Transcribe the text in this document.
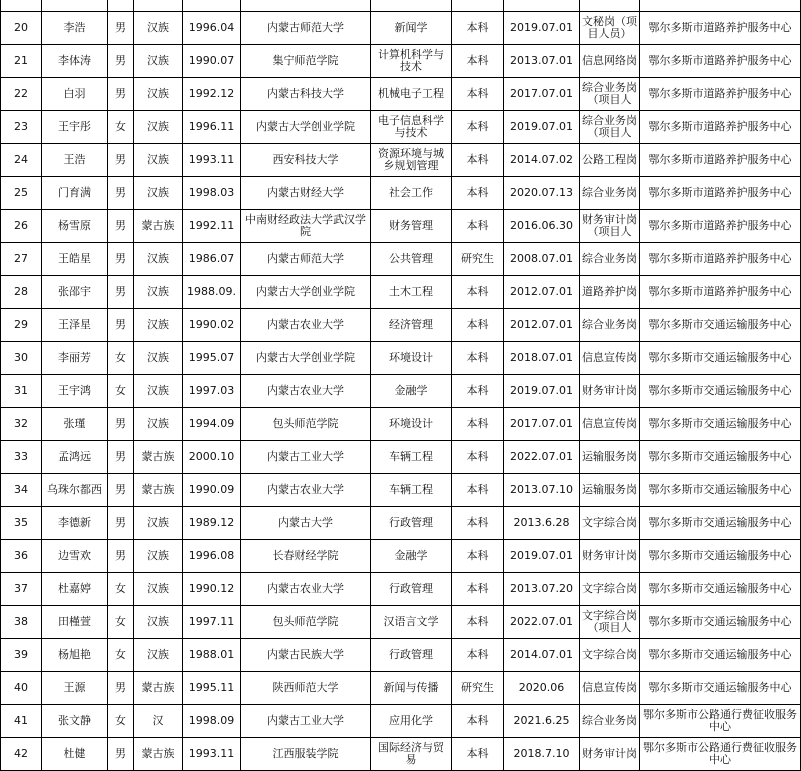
20	李浩	男	汉族	1996.04	内蒙古师范大学	新闻学	本科	2019.07.01	文秘岗（项目人员）	鄂尔多斯市道路养护服务中心
21	李体涛	男	汉族	1990.07	集宁师范学院	计算机科学与技术	本科	2013.07.01	信息网络岗	鄂尔多斯市道路养护服务中心
22	白羽	男	汉族	1992.12	内蒙古科技大学	机械电子工程	本科	2017.07.01	综合业务岗（项目人	鄂尔多斯市道路养护服务中心
23	王宇彤	女	汉族	1996.11	内蒙古大学创业学院	电子信息科学与技术	本科	2019.07.01	综合业务岗（项目人	鄂尔多斯市道路养护服务中心
24	王浩	男	汉族	1993.11	西安科技大学	资源环境与城乡规划管理	本科	2014.07.02	公路工程岗	鄂尔多斯市道路养护服务中心
25	门育满	男	汉族	1998.03	内蒙古财经大学	社会工作	本科	2020.07.13	综合业务岗	鄂尔多斯市道路养护服务中心
26	杨雪原	男	蒙古族	1992.11	中南财经政法大学武汉学院	财务管理	本科	2016.06.30	财务审计岗（项目人	鄂尔多斯市道路养护服务中心
27	王皓星	男	汉族	1986.07	内蒙古师范大学	公共管理	研究生	2008.07.01	综合业务岗	鄂尔多斯市道路养护服务中心
28	张邵宇	男	汉族	1988.09.	内蒙古大学创业学院	土木工程	本科	2012.07.01	道路养护岗	鄂尔多斯市道路养护服务中心
29	王泽星	男	汉族	1990.02	内蒙古农业大学	经济管理	本科	2012.07.01	综合业务岗	鄂尔多斯市交通运输服务中心
30	李丽芳	女	汉族	1995.07	内蒙古大学创业学院	环境设计	本科	2018.07.01	信息宣传岗	鄂尔多斯市交通运输服务中心
31	王宇鸿	女	汉族	1997.03	内蒙古农业大学	金融学	本科	2019.07.01	财务审计岗	鄂尔多斯市交通运输服务中心
32	张瑾	男	汉族	1994.09	包头师范学院	环境设计	本科	2017.07.01	信息宣传岗	鄂尔多斯市交通运输服务中心
33	孟鸿远	男	蒙古族	2000.10	内蒙古工业大学	车辆工程	本科	2022.07.01	运输服务岗	鄂尔多斯市交通运输服务中心
34	乌珠尔都西	男	蒙古族	1990.09	内蒙古农业大学	车辆工程	本科	2013.07.10	运输服务岗	鄂尔多斯市交通运输服务中心
35	李德新	男	汉族	1989.12	内蒙古大学	行政管理	本科	2013.6.28	文字综合岗	鄂尔多斯市交通运输服务中心
36	边雪欢	男	汉族	1996.08	长春财经学院	金融学	本科	2019.07.01	财务审计岗	鄂尔多斯市交通运输服务中心
37	杜嘉婷	女	汉族	1990.12	内蒙古农业大学	行政管理	本科	2013.07.20	文字综合岗	鄂尔多斯市交通运输服务中心
38	田槿萱	女	汉族	1997.11	包头师范学院	汉语言文学	本科	2022.07.01	文字综合岗（项目人	鄂尔多斯市交通运输服务中心
39	杨旭艳	女	汉族	1988.01	内蒙古民族大学	行政管理	本科	2014.07.01	文字综合岗	鄂尔多斯市交通运输服务中心
40	王源	男	蒙古族	1995.11	陕西师范大学	新闻与传播	研究生	2020.06	信息宣传岗	鄂尔多斯市交通运输服务中心
41	张文静	女	汉	1998.09	内蒙古工业大学	应用化学	本科	2021.6.25	综合业务岗	鄂尔多斯市公路通行费征收服务中心
42	杜健	男	蒙古族	1993.11	江西服装学院	国际经济与贸易	本科	2018.7.10	财务审计岗	鄂尔多斯市公路通行费征收服务中心
